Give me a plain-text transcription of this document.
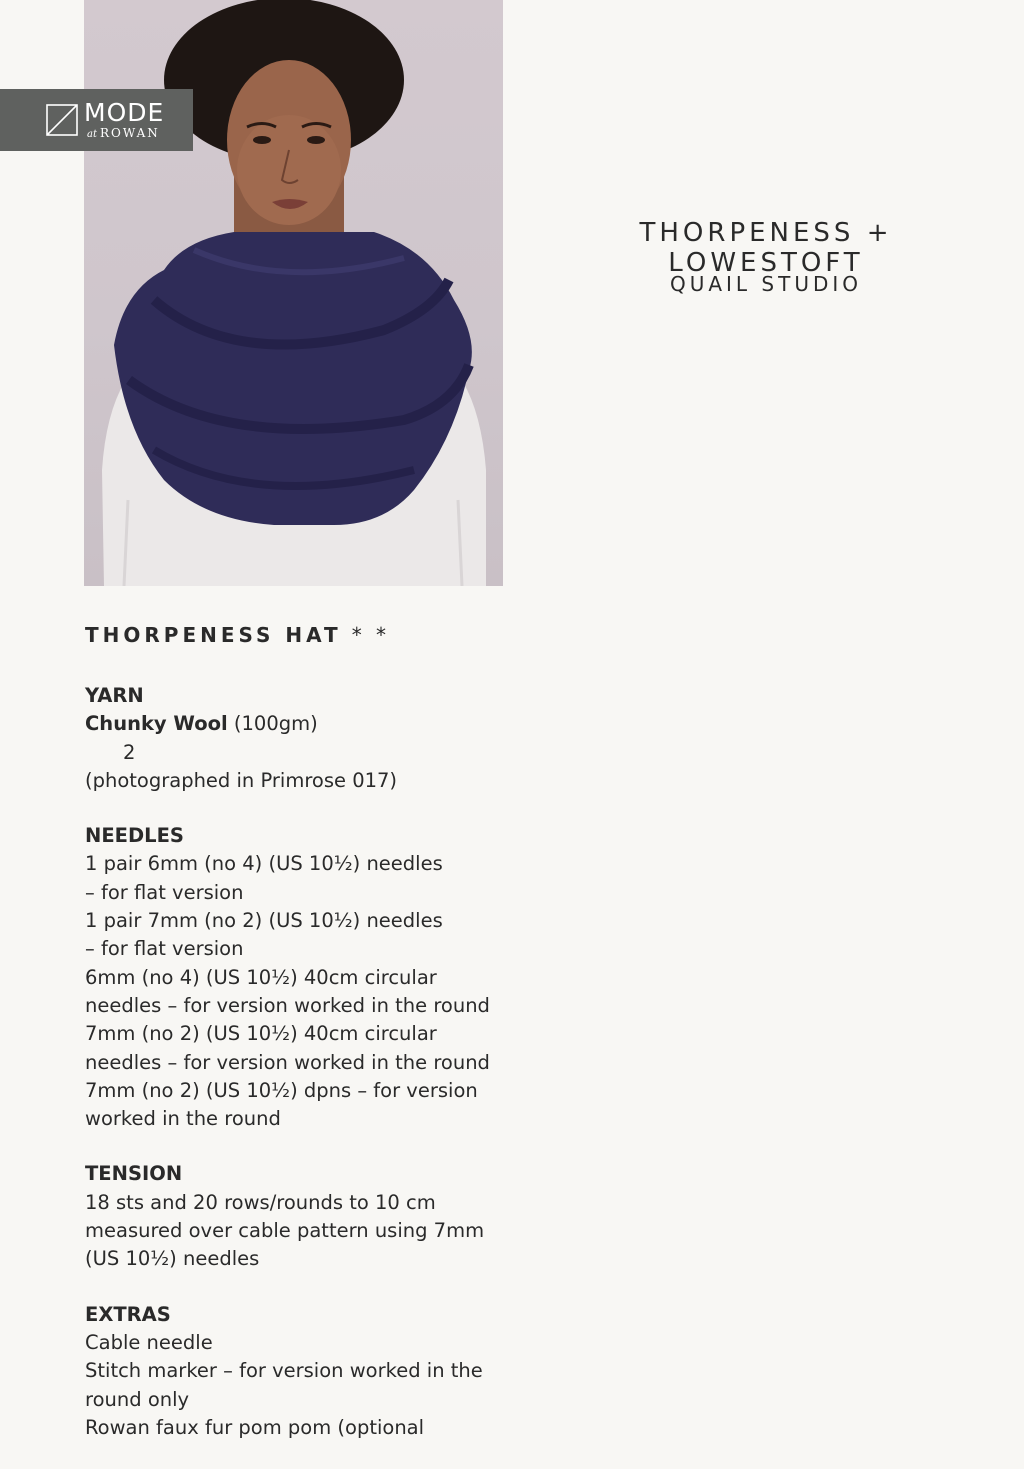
MODE
at ROWAN
THORPENESS + LOWESTOFT

QUAIL STUDIO

THORPENESS HAT * *

YARN

Chunky Wool (100gm)

2

(photographed in Primrose 017)

NEEDLES

1 pair 6mm (no 4) (US 10½) needles

– for flat version

1 pair 7mm (no 2) (US 10½) needles

– for flat version

6mm (no 4) (US 10½) 40cm circular

needles – for version worked in the round

7mm (no 2) (US 10½) 40cm circular

needles – for version worked in the round

7mm (no 2) (US 10½) dpns – for version

worked in the round

TENSION

18 sts and 20 rows/rounds to 10 cm

measured over cable pattern using 7mm

(US 10½) needles

EXTRAS

Cable needle

Stitch marker – for version worked in the

round only

Rowan faux fur pom pom (optional
